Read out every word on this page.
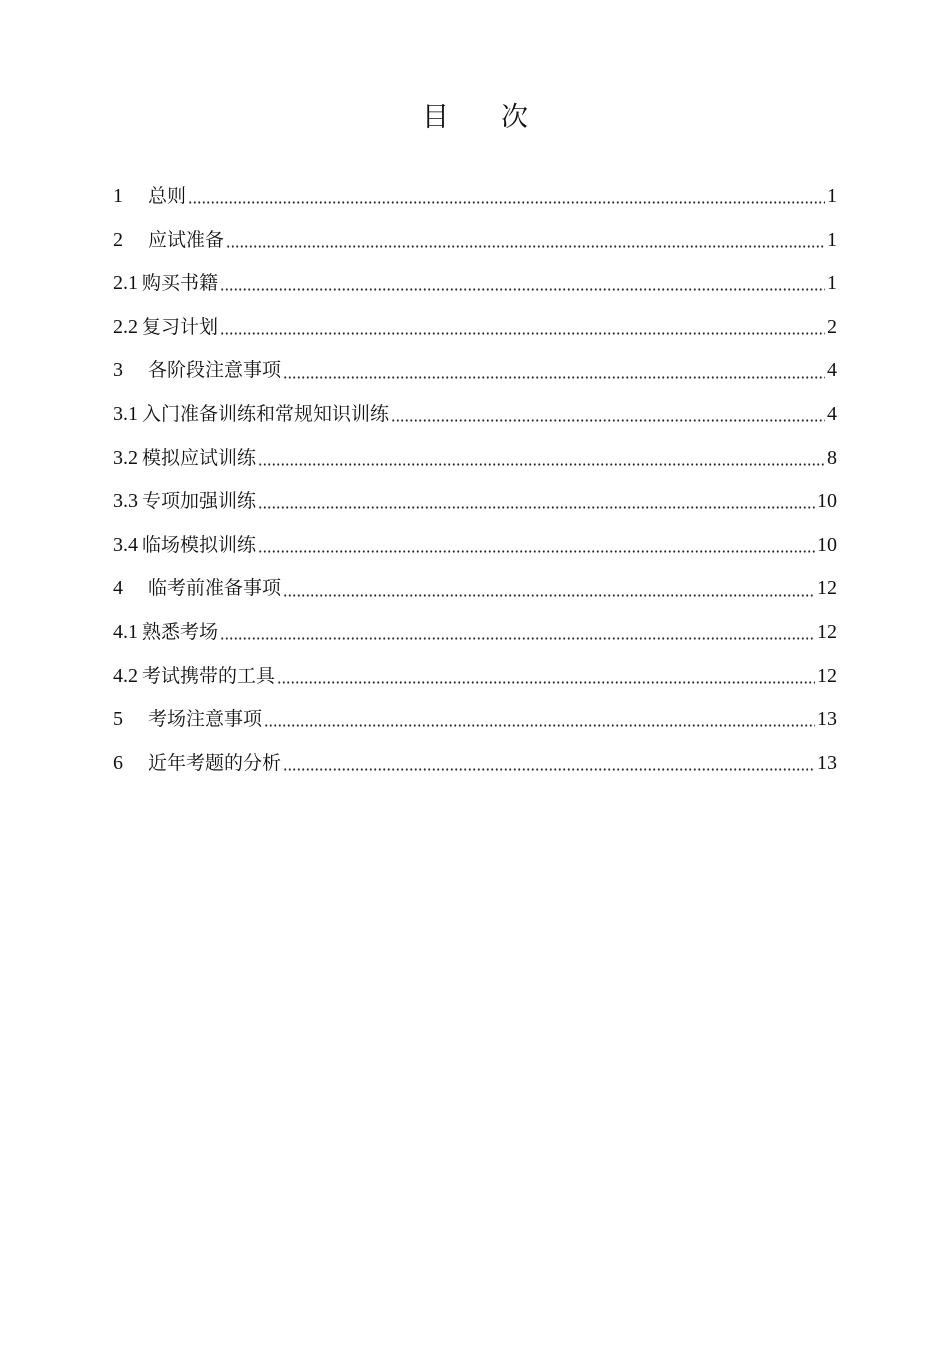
目 次
1	总则	1
2	应试准备	1
2.1 购买书籍	1
2.2 复习计划	2
3	各阶段注意事项	4
3.1 入门准备训练和常规知识训练	4
3.2 模拟应试训练	8
3.3 专项加强训练	10
3.4 临场模拟训练	10
4	临考前准备事项	12
4.1 熟悉考场	12
4.2 考试携带的工具	12
5	考场注意事项	13
6	近年考题的分析	13
